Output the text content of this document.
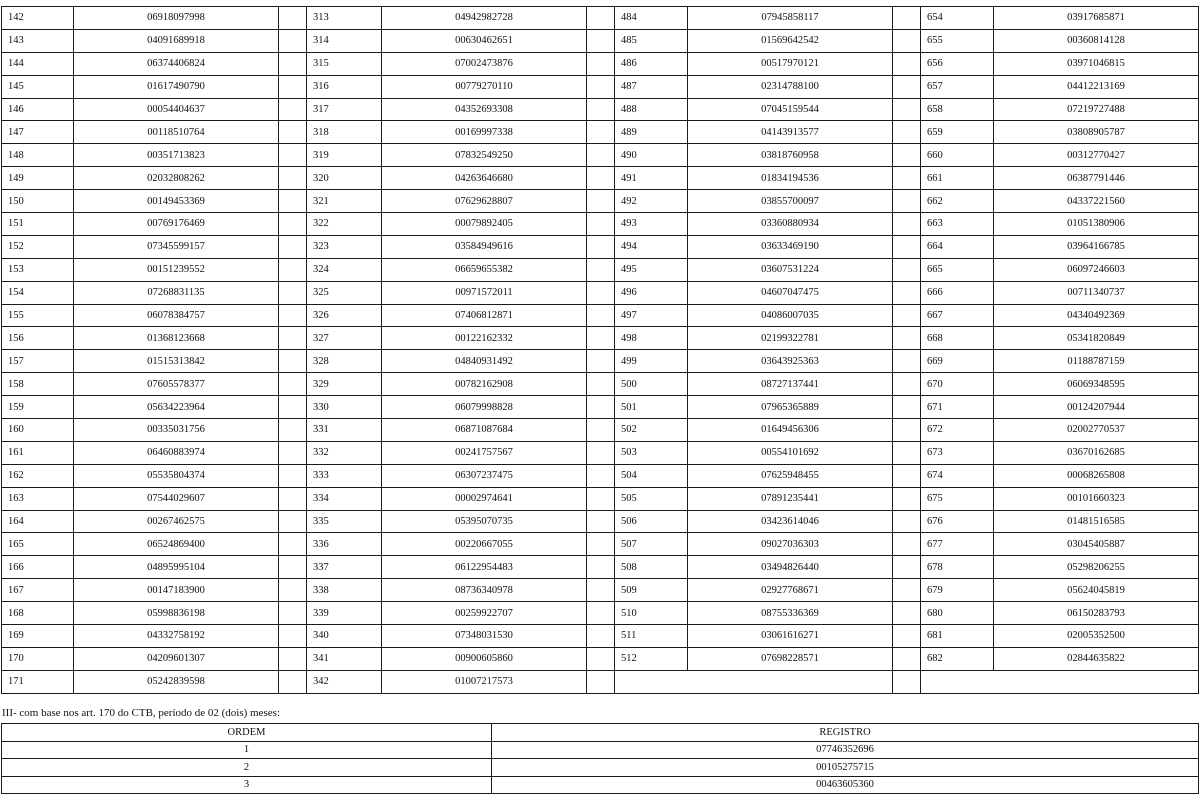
142	06918097998		313	04942982728		484	07945858117		654	03917685871
143	04091689918		314	00630462651		485	01569642542		655	00360814128
144	06374406824		315	07002473876		486	00517970121		656	03971046815
145	01617490790		316	00779270110		487	02314788100		657	04412213169
146	00054404637		317	04352693308		488	07045159544		658	07219727488
147	00118510764		318	00169997338		489	04143913577		659	03808905787
148	00351713823		319	07832549250		490	03818760958		660	00312770427
149	02032808262		320	04263646680		491	01834194536		661	06387791446
150	00149453369		321	07629628807		492	03855700097		662	04337221560
151	00769176469		322	00079892405		493	03360880934		663	01051380906
152	07345599157		323	03584949616		494	03633469190		664	03964166785
153	00151239552		324	06659655382		495	03607531224		665	06097246603
154	07268831135		325	00971572011		496	04607047475		666	00711340737
155	06078384757		326	07406812871		497	04086007035		667	04340492369
156	01368123668		327	00122162332		498	02199322781		668	05341820849
157	01515313842		328	04840931492		499	03643925363		669	01188787159
158	07605578377		329	00782162908		500	08727137441		670	06069348595
159	05634223964		330	06079998828		501	07965365889		671	00124207944
160	00335031756		331	06871087684		502	01649456306		672	02002770537
161	06460883974		332	00241757567		503	00554101692		673	03670162685
162	05535804374		333	06307237475		504	07625948455		674	00068265808
163	07544029607		334	00002974641		505	07891235441		675	00101660323
164	00267462575		335	05395070735		506	03423614046		676	01481516585
165	06524869400		336	00220667055		507	09027036303		677	03045405887
166	04895995104		337	06122954483		508	03494826440		678	05298206255
167	00147183900		338	08736340978		509	02927768671		679	05624045819
168	05998836198		339	00259922707		510	08755336369		680	06150283793
169	04332758192		340	07348031530		511	03061616271		681	02005352500
170	04209601307		341	00900605860		512	07698228571		682	02844635822
171	05242839598		342	01007217573						
III- com base nos art. 170 do CTB, período de 02 (dois) meses:
ORDEM	REGISTRO
1	07746352696
2	00105275715
3	00463605360
